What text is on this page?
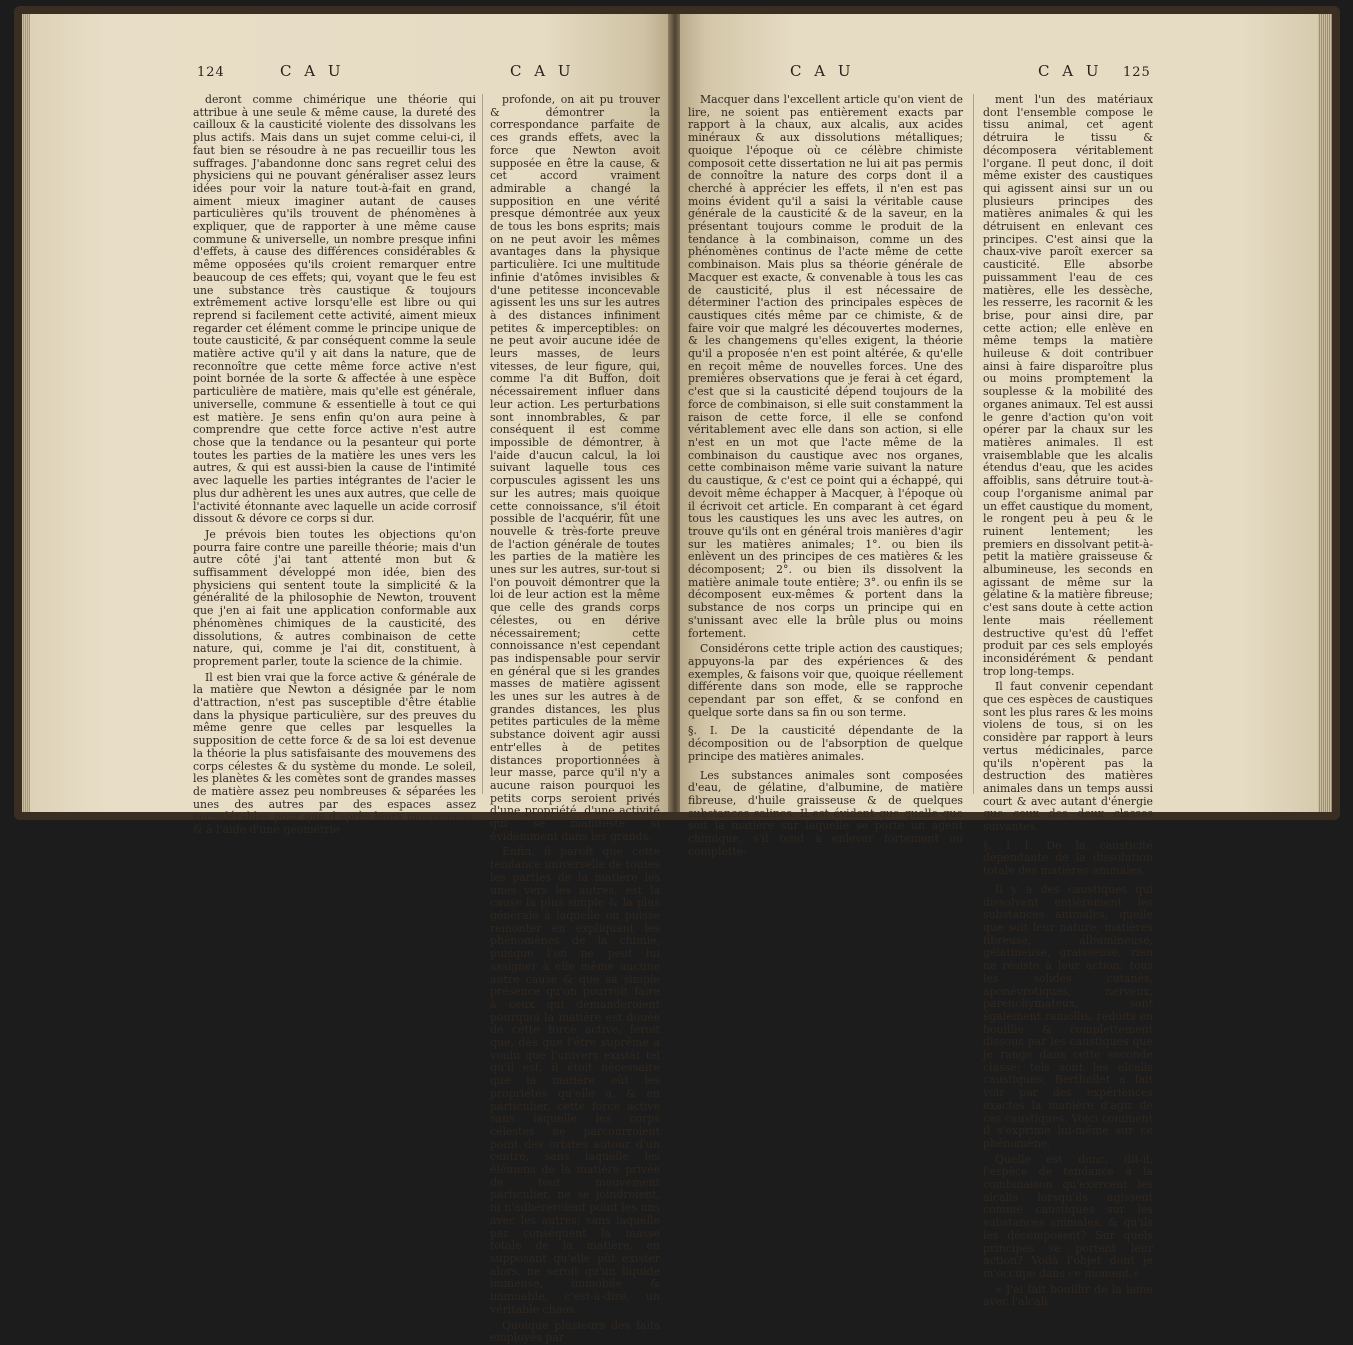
124	C A U	C A U

deront comme chimérique une théorie qui attribue à une seule & même cause, la dureté des cailloux & la causticité violente des dissolvans les plus actifs. Mais dans un sujet comme celui-ci, il faut bien se résoudre à ne pas recueillir tous les suffrages. J'abandonne donc sans regret celui des physiciens qui ne pouvant généraliser assez leurs idées pour voir la nature tout-à-fait en grand, aiment mieux imaginer autant de causes particulières qu'ils trouvent de phénomènes à expliquer, que de rapporter à une même cause commune & universelle, un nombre presque infini d'effets, à cause des différences considérables & même opposées qu'ils croient remarquer entre beaucoup de ces effets; qui, voyant que le feu est une substance très caustique & toujours extrêmement active lorsqu'elle est libre ou qui reprend si facilement cette activité, aiment mieux regarder cet élément comme le principe unique de toute causticité, & par conséquent comme la seule matière active qu'il y ait dans la nature, que de reconnoître que cette même force active n'est point bornée de la sorte & affectée à une espèce particulière de matière, mais qu'elle est générale, universelle, commune & essentielle à tout ce qui est matière. Je sens enfin qu'on aura peine à comprendre que cette force active n'est autre chose que la tendance ou la pesanteur qui porte toutes les parties de la matière les unes vers les autres, & qui est aussi-bien la cause de l'intimité avec laquelle les parties intégrantes de l'acier le plus dur adhèrent les unes aux autres, que celle de l'activité étonnante avec laquelle un acide corrosif dissout & dévore ce corps si dur.

Je prévois bien toutes les objections qu'on pourra faire contre une pareille théorie; mais d'un autre côté j'ai tant attenté mon but & suffisamment développé mon idée, bien des physiciens qui sentent toute la simplicité & la généralité de la philosophie de Newton, trouvent que j'en ai fait une application conformable aux phénomènes chimiques de la causticité, des dissolutions, & autres combinaison de cette nature, qui, comme je l'ai dit, constituent, à proprement parler, toute la science de la chimie.

Il est bien vrai que la force active & générale de la matière que Newton a désignée par le nom d'attraction, n'est pas susceptible d'être établie dans la physique particulière, sur des preuves du même genre que celles par lesquelles la supposition de cette force & de sa loi est devenue la théorie la plus satisfaisante des mouvemens des corps célestes & du système du monde. Le soleil, les planètes & les comètes sont de grandes masses de matière assez peu nombreuses & séparées les unes des autres par des espaces assez considérables pour que d'après leurs mouvemens, & à l'aide d'une géométrie

profonde, on ait pu trouver & démontrer la correspondance parfaite de ces grands effets, avec la force que Newton avoit supposée en être la cause, & cet accord vraiment admirable a changé la supposition en une vérité presque démontrée aux yeux de tous les bons esprits; mais on ne peut avoir les mêmes avantages dans la physique particulière. Ici une multitude infinie d'atômes invisibles & d'une petitesse inconcevable agissent les uns sur les autres à des distances infiniment petites & imperceptibles: on ne peut avoir aucune idée de leurs masses, de leurs vitesses, de leur figure, qui, comme l'a dit Buffon, doit nécessairement influer dans leur action. Les perturbations sont innombrables, & par conséquent il est comme impossible de démontrer, à l'aide d'aucun calcul, la loi suivant laquelle tous ces corpuscules agissent les uns sur les autres; mais quoique cette connoissance, s'il étoit possible de l'acquérir, fût une nouvelle & très-forte preuve de l'action générale de toutes les parties de la matière les unes sur les autres, sur-tout si l'on pouvoit démontrer que la loi de leur action est la même que celle des grands corps célestes, ou en dérive nécessairement; cette connoissance n'est cependant pas indispensable pour servir en général que si les grandes masses de matière agissent les unes sur les autres à de grandes distances, les plus petites particules de la même substance doivent agir aussi entr'elles à de petites distances proportionnées à leur masse, parce qu'il n'y a aucune raison pourquoi les petits corps seroient privés d'une propriété, d'une activité qui se manifeste si évidemment dans les grands.

Enfin, il paroît que cette tendance universelle de toutes les parties de la matière les unes vers les autres, est la cause la plus simple & la plus générale à laquelle on puisse remonter en expliquant les phénomènes de la chimie, puisque l'on ne peut lui assigner à elle même aucune autre cause & que sa simple présence qu'on pourroit faire à ceux qui demanderoient pourquoi la matière est douée de cette force active, feroit que, dès que l'être suprême a voulu que l'univers existât tel qu'il est, il étoit nécessaire que la matière eût les propriétés qu'elle a, & en particulier, cette force active sans laquelle les corps célestes ne parcourroient point des orbites autour d'un centre, sans laquelle les élémens de la matière privée de tout mouvement particulier, ne se joindroient, ni n'adhéreroient point les uns avec les autres; sans laquelle par conséquent la masse totale de la matière, en supposant qu'elle pût exister alors, ne seroit qu'un liquide immense, immobile & immuable, c'est-à-dire, un véritable chaos.

Quoique plusieurs des faits employés par

C A U	C A U 125

Macquer dans l'excellent article qu'on vient de lire, ne soient pas entièrement exacts par rapport à la chaux, aux alcalis, aux acides minéraux & aux dissolutions métalliques; quoique l'époque où ce célèbre chimiste composoit cette dissertation ne lui ait pas permis de connoître la nature des corps dont il a cherché à apprécier les effets, il n'en est pas moins évident qu'il a saisi la véritable cause générale de la causticité & de la saveur, en la présentant toujours comme le produit de la tendance à la combinaison, comme un des phénomènes continus de l'acte même de cette combinaison. Mais plus sa théorie générale de Macquer est exacte, & convenable à tous les cas de causticité, plus il est nécessaire de déterminer l'action des principales espèces de caustiques cités même par ce chimiste, & de faire voir que malgré les découvertes modernes, & les changemens qu'elles exigent, la théorie qu'il a proposée n'en est point altérée, & qu'elle en reçoit même de nouvelles forces. Une des premières observations que je ferai à cet égard, c'est que si la causticité dépend toujours de la force de combinaison, si elle suit constamment la raison de cette force, il elle se confond véritablement avec elle dans son action, si elle n'est en un mot que l'acte même de la combinaison du caustique avec nos organes, cette combinaison même varie suivant la nature du caustique, & c'est ce point qui a échappé, qui devoit même échapper à Macquer, à l'époque où il écrivoit cet article. En comparant à cet égard tous les caustiques les uns avec les autres, on trouve qu'ils ont en général trois manières d'agir sur les matières animales; 1°. ou bien ils enlèvent un des principes de ces matières & les décomposent; 2°. ou bien ils dissolvent la matière animale toute entière; 3°. ou enfin ils se décomposent eux-mêmes & portent dans la substance de nos corps un principe qui en s'unissant avec elle la brûle plus ou moins fortement.

Considérons cette triple action des caustiques; appuyons-la par des expériences & des exemples, & faisons voir que, quoique réellement différente dans son mode, elle se rapproche cependant par son effet, & se confond en quelque sorte dans sa fin ou son terme.

§. I. De la causticité dépendante de la décomposition ou de l'absorption de quelque principe des matières animales.

Les substances animales sont composées d'eau, de gélatine, d'albumine, de matière fibreuse, d'huile graisseuse & de quelques substances salines. Il est évident que quelle que soit la matière sur laquelle se porte un agent chimique, s'il tend à enlever fortement ou complette-

ment l'un des matériaux dont l'ensemble compose le tissu animal, cet agent détruira le tissu & décomposera véritablement l'organe. Il peut donc, il doit même exister des caustiques qui agissent ainsi sur un ou plusieurs principes des matières animales & qui les détruisent en enlevant ces principes. C'est ainsi que la chaux-vive paroît exercer sa causticité. Elle absorbe puissamment l'eau de ces matières, elle les dessèche, les resserre, les racornit & les brise, pour ainsi dire, par cette action; elle enlève en même temps la matière huileuse & doit contribuer ainsi à faire disparoître plus ou moins promptement la souplesse & la mobilité des organes animaux. Tel est aussi le genre d'action qu'on voit opérer par la chaux sur les matières animales. Il est vraisemblable que les alcalis étendus d'eau, que les acides affoiblis, sans détruire tout-à-coup l'organisme animal par un effet caustique du moment, le rongent peu à peu & le ruinent lentement; les premiers en dissolvant petit-à-petit la matière graisseuse & albumineuse, les seconds en agissant de même sur la gélatine & la matière fibreuse; c'est sans doute à cette action lente mais réellement destructive qu'est dû l'effet produit par ces sels employés inconsidérément & pendant trop long-temps.

Il faut convenir cependant que ces espèces de caustiques sont les plus rares & les moins violens de tous, si on les considère par rapport à leurs vertus médicinales, parce qu'ils n'opèrent pas la destruction des matières animales dans un temps aussi court & avec autant d'énergie que ceux des deux classes suivantes.

§. I I. De la causticité dépendante de la dissolution totale des matières animales.

Il y a des caustiques qui dissolvent entièrement les substances animales, quelle que soit leur nature; matières fibreuse, albumineuse, gélatineuse, graisseuse, rien ne résiste à leur action; tous les solides cutanés, aponévrotiques, nerveux, parenchymateux, sont également ramollis, réduits en bouillie & complettement dissous par les caustiques que je range dans cette seconde classe; tels sont les alcalis caustiques: Berthollet a fait voir par des expériences exactes la manière d'agir de ces caustiques. Voici comment il s'exprime lui-même sur ce phénomène.

Quelle est donc, dit-il, l'espèce de tendance à la combinaison qu'exercent les alcalis lorsqu'ils agissent comme caustiques sur les substances animales, & qu'ils les décomposent? Sur quels principes se portent leur action? Voilà l'objet dont je m'occupe dans ce moment.»

» J'ai fait bouillir de la laine avec l'alcali
